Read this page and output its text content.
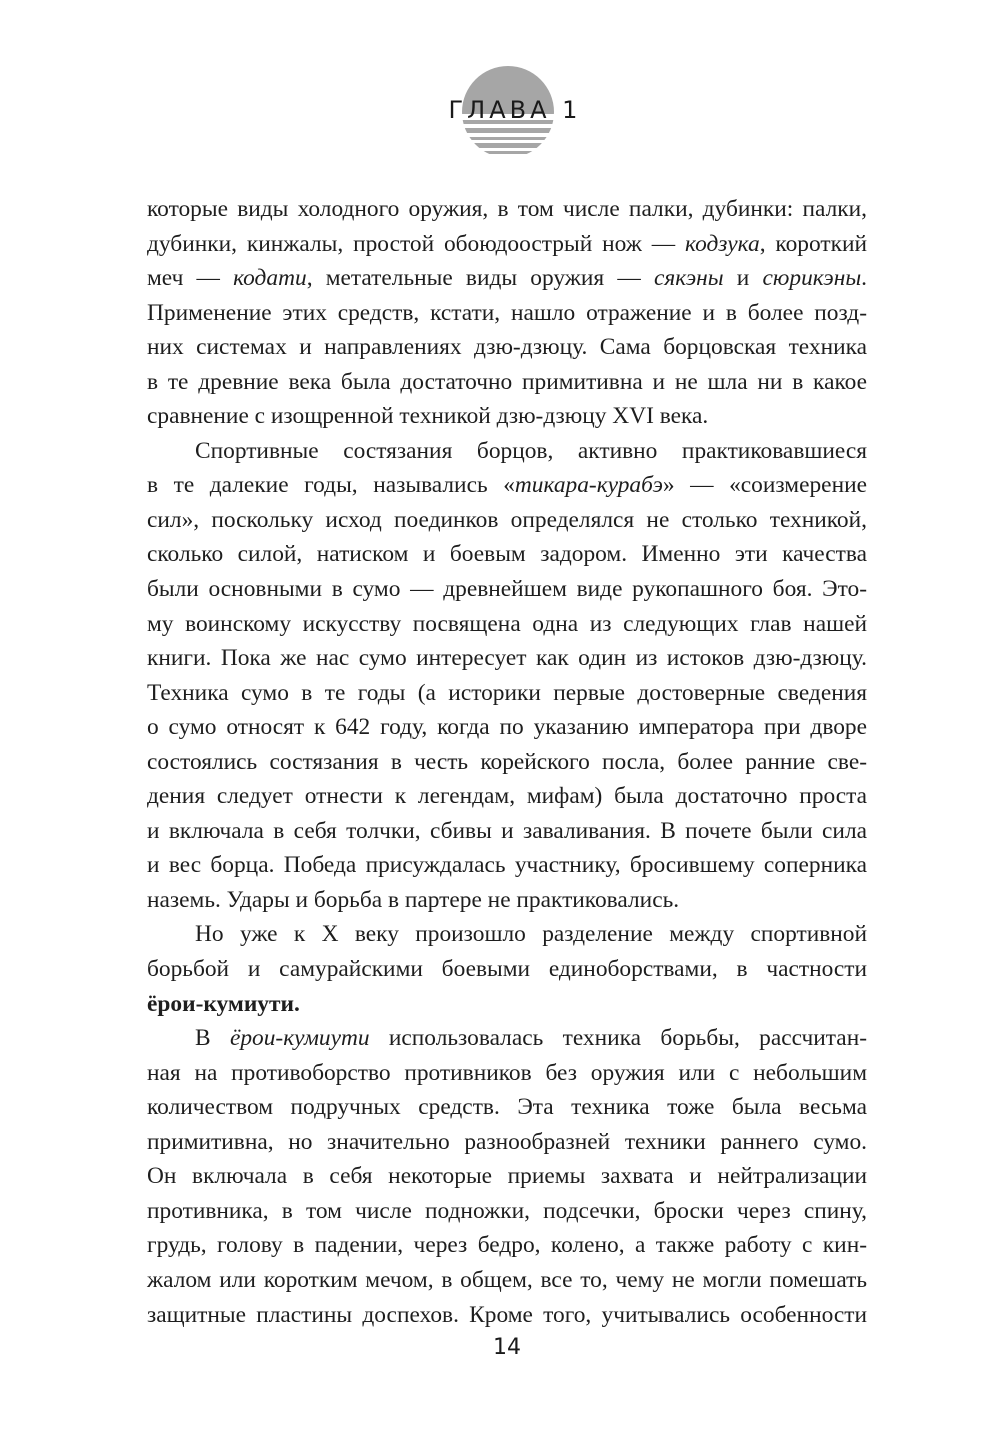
ГЛАВА 1
которые виды холодного оружия, в том числе палки, дубинки: палки,
дубинки, кинжалы, простой обоюдоострый нож — кодзука, короткий
меч — кодати, метательные виды оружия — сякэны и сюрикэны.
Применение этих средств, кстати, нашло отражение и в более позд-
них системах и направлениях дзю-дзюцу. Сама борцовская техника
в те древние века была достаточно примитивна и не шла ни в какое
сравнение с изощренной техникой дзю-дзюцу XVI века.
Спортивные состязания борцов, активно практиковавшиеся
в те далекие годы, назывались «тикара-курабэ» — «соизмерение
сил», поскольку исход поединков определялся не столько техникой,
сколько силой, натиском и боевым задором. Именно эти качества
были основными в сумо — древнейшем виде рукопашного боя. Это-
му воинскому искусству посвящена одна из следующих глав нашей
книги. Пока же нас сумо интересует как один из истоков дзю-дзюцу.
Техника сумо в те годы (а историки первые достоверные сведения
о сумо относят к 642 году, когда по указанию императора при дворе
состоялись состязания в честь корейского посла, более ранние све-
дения следует отнести к легендам, мифам) была достаточно проста
и включала в себя толчки, сбивы и заваливания. В почете были сила
и вес борца. Победа присуждалась участнику, бросившему соперника
наземь. Удары и борьба в партере не практиковались.
Но уже к X веку произошло разделение между спортивной
борьбой и самурайскими боевыми единоборствами, в частности
ёрои-кумиути.
В ёрои-кумиути использовалась техника борьбы, рассчитан-
ная на противоборство противников без оружия или с небольшим
количеством подручных средств. Эта техника тоже была весьма
примитивна, но значительно разнообразней техники раннего сумо.
Он включала в себя некоторые приемы захвата и нейтрализации
противника, в том числе подножки, подсечки, броски через спину,
грудь, голову в падении, через бедро, колено, а также работу с кин-
жалом или коротким мечом, в общем, все то, чему не могли помешать
защитные пластины доспехов. Кроме того, учитывались особенности
14
